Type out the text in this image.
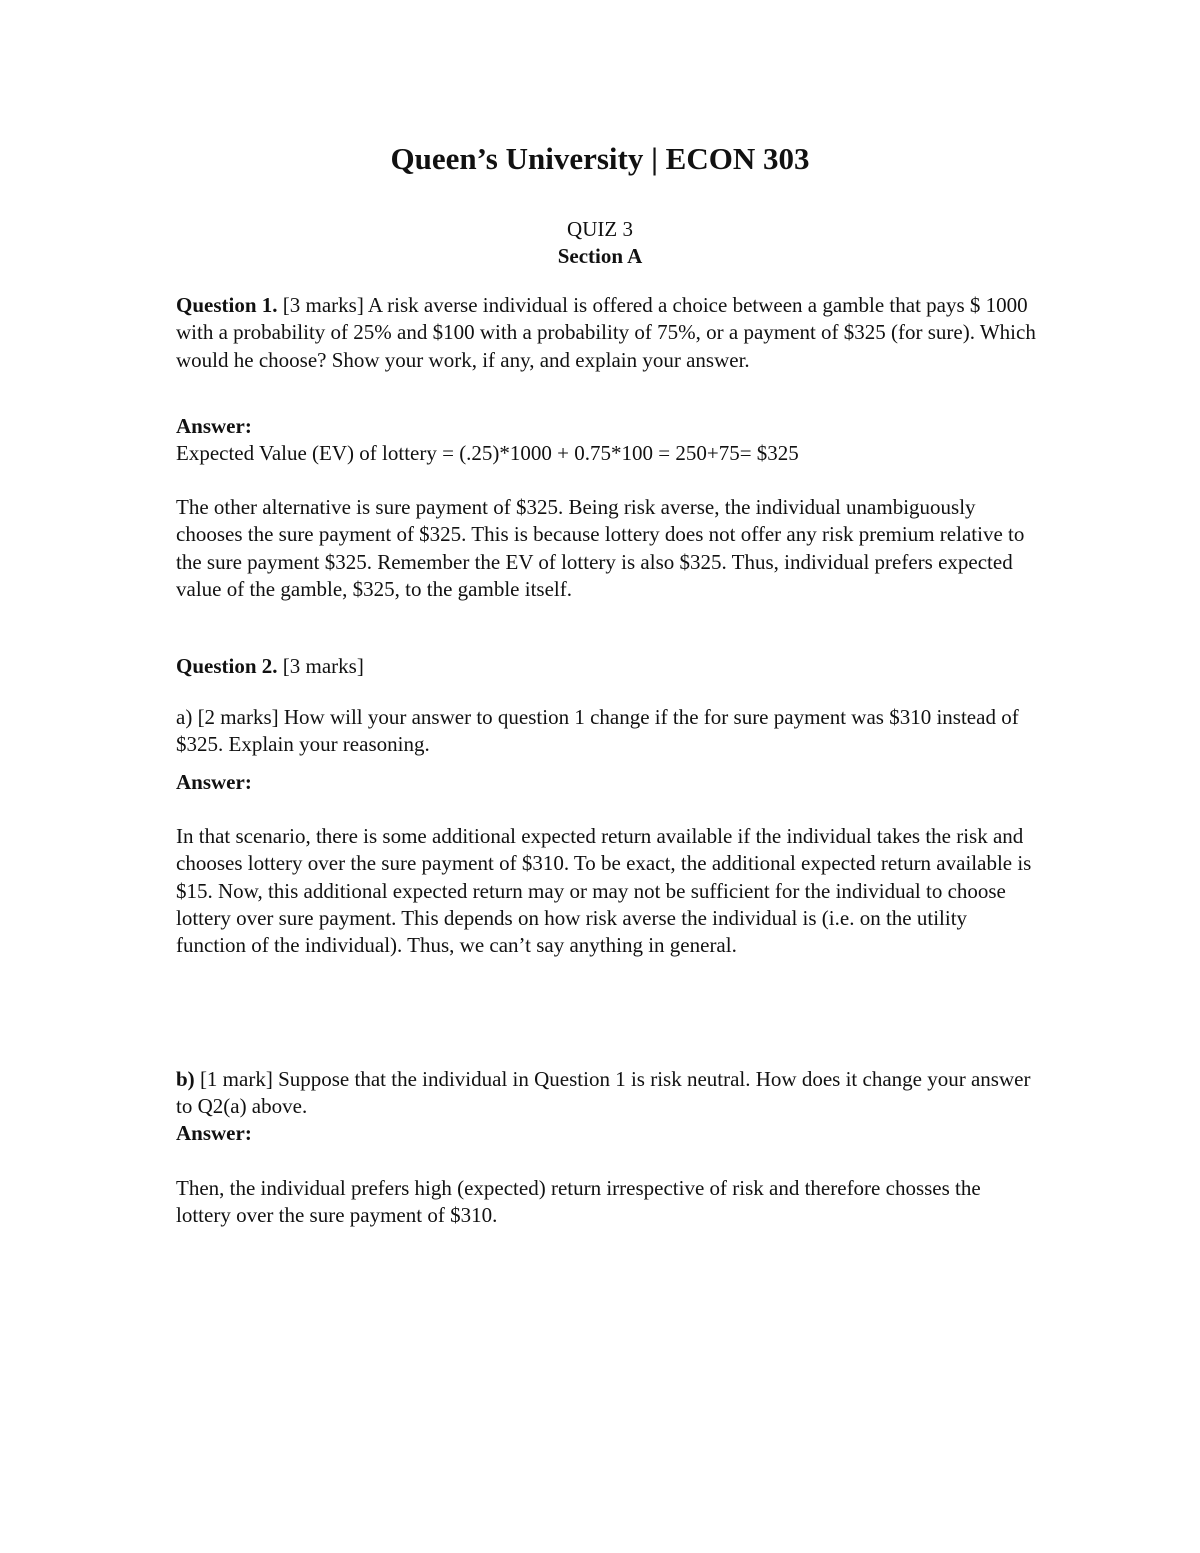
Queen’s University | ECON 303
QUIZ 3
Section A

Question 1. [3 marks] A risk averse individual is offered a choice between a gamble that pays $ 1000 with a probability of 25% and $100 with a probability of 75%, or a payment of $325 (for sure). Which would he choose? Show your work, if any, and explain your answer.

Answer:

Expected Value (EV) of lottery = (.25)*1000 + 0.75*100 = 250+75= $325

The other alternative is sure payment of $325. Being risk averse, the individual unambiguously chooses the sure payment of $325. This is because lottery does not offer any risk premium relative to the sure payment $325. Remember the EV of lottery is also $325. Thus, individual prefers expected value of the gamble, $325, to the gamble itself.

Question 2. [3 marks]

a) [2 marks] How will your answer to question 1 change if the for sure payment was $310 instead of $325. Explain your reasoning.

Answer:

In that scenario, there is some additional expected return available if the individual takes the risk and chooses lottery over the sure payment of $310. To be exact, the additional expected return available is $15. Now, this additional expected return may or may not be sufficient for the individual to choose lottery over sure payment. This depends on how risk averse the individual is (i.e. on the utility function of the individual). Thus, we can’t say anything in general.

b) [1 mark] Suppose that the individual in Question 1 is risk neutral. How does it change your answer to Q2(a) above.

Answer:

Then, the individual prefers high (expected) return irrespective of risk and therefore chosses the lottery over the sure payment of $310.
